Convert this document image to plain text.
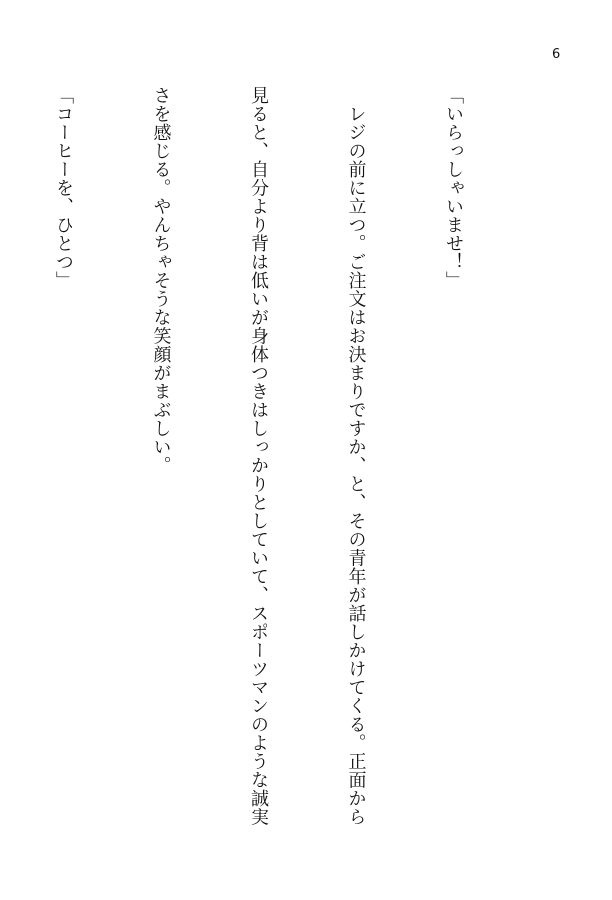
6

「いらっしゃいませ！」

　レジの前に立つ。ご注文はお決まりですか、と、その青年が話しかけてくる。正面から

見ると、自分より背は低いが身体つきはしっかりとしていて、スポーツマンのような誠実

さを感じる。やんちゃそうな笑顔がまぶしい。

「コーヒーを、ひとつ」
